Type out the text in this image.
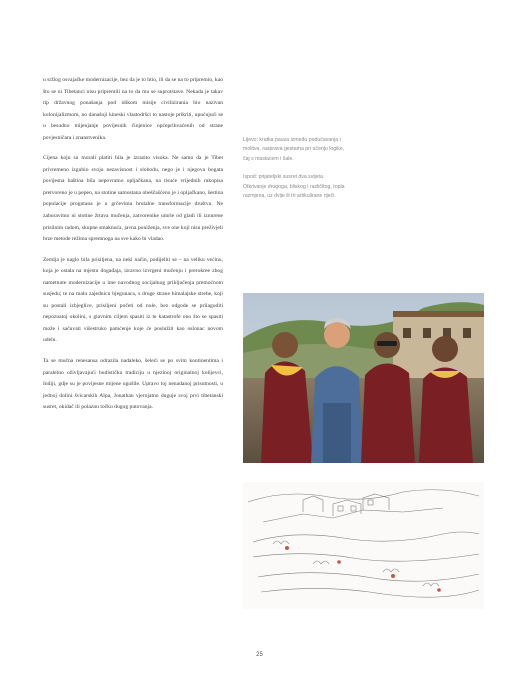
u sržlog osvajačke modernizacije, bez da je to htio, ili da se na to pripremio, kao što se ni Tibetanci nisu pripremili na to da mu se suprotstave. Nekada je takav tip državnog ponašanja pod idikom misije civilizirania bio nazivan kolonijalizmom, no današnji kineski vlastodršci to nastoje prikriti, upućujući se u besudno mijenjanje povijesnih činjenice općeprihvaćenih od strane povjesničara i znanstvenika.

Cijena koju su morali platiti bila je izrazito visoka. Ne samo da je Tibet privremeno izgubio svoju nezavisnost i slobodu, nego je i njegova bogata povijesna baština bila nepovratno opljačkana, na tisuće vrijednih rukopisa pretvoreno je u pepeo, na stotine samostana obeščašćeno je i opljačkano, šestina populacije progutana je u grčevima brutalne transformacije društva. Ne zaboravimo ni stotine žrtava mučenja, zatvorenike umrle od gladi ili iznurene prisilnim radom, skupne smaknuća, javna poniženja, sve one koji nisu preživjeli brze metode režima spremnoga na sve kako bi vladao.

Zemlja je naglo bila prisiljena, na neki način, podijeliti se – na veliku većinu, koja je ostala na mjestu događaja, izravno izvrgeni mučenju i prerokreе zbog nametnute modernizacije u ime navodnog socijalnog priključenja premoćnom susjedu; te na malu zajednicu bjegunaca, s druge strane himalajske strehe, koji su postali izbjeglice, prisiljeni početi od nule, bez odgode se prilagoditi nepoznatoj okolini, s glavnim ciljem spasiti iz te katastrofe ono što se spasiti može i sačuvati višestruko pamćenje koje će poslužiti kao oslonac novom udelu.

Ta se mučna renesansa odrazila nadaleko, šeleći se po svim kontinentima i paralelno oživljavajući budističku tradiciju u njezinoj originalnoj koliјevci, Indiji, gdje su je povijesne mijene ugušile. Upravo toj nenadanoj prisutnosti, u jednoj dolini švicarskih Alpa, Jonathan vjerojatno duguje svoj prvi tibetanski susret, okidač ili polaznu točku dugog putovanja.

Lijevo: kratka pauza između podučavanja i molitva, rasprava gestama pri učenju logike, čaj s maslacem i šale.

Ispod: prijateljski susret dva svijeta. Otkrivanje drugoga, bliskog i različitog, topla razmjena, uz dvije ili tri artikulirane riječi.

25
